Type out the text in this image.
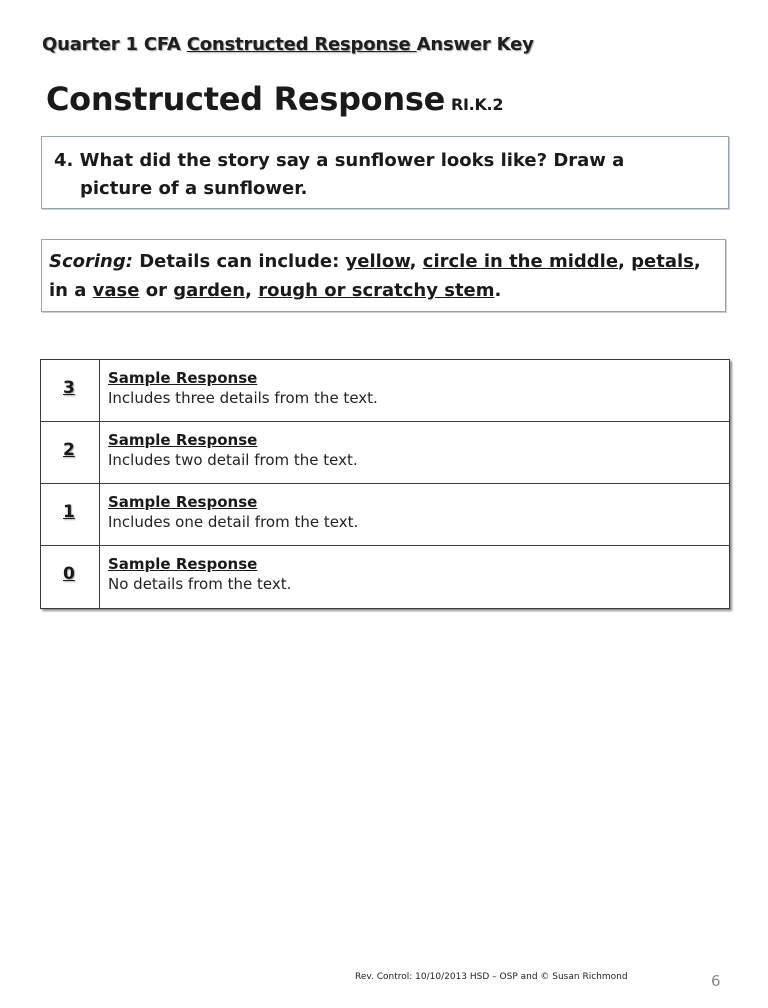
Quarter 1 CFA Constructed Response Answer Key
Constructed Response RI.K.2
4. What did the story say a sunflower looks like? Draw a
picture of a sunflower.
Scoring: Details can include: yellow, circle in the middle, petals,
in a vase or garden, rough or scratchy stem.
3	Sample Response
Includes three details from the text.
2	Sample Response
Includes two detail from the text.
1	Sample Response
Includes one detail from the text.
0	Sample Response
No details from the text.
Rev. Control: 10/10/2013 HSD – OSP and © Susan Richmond	6
